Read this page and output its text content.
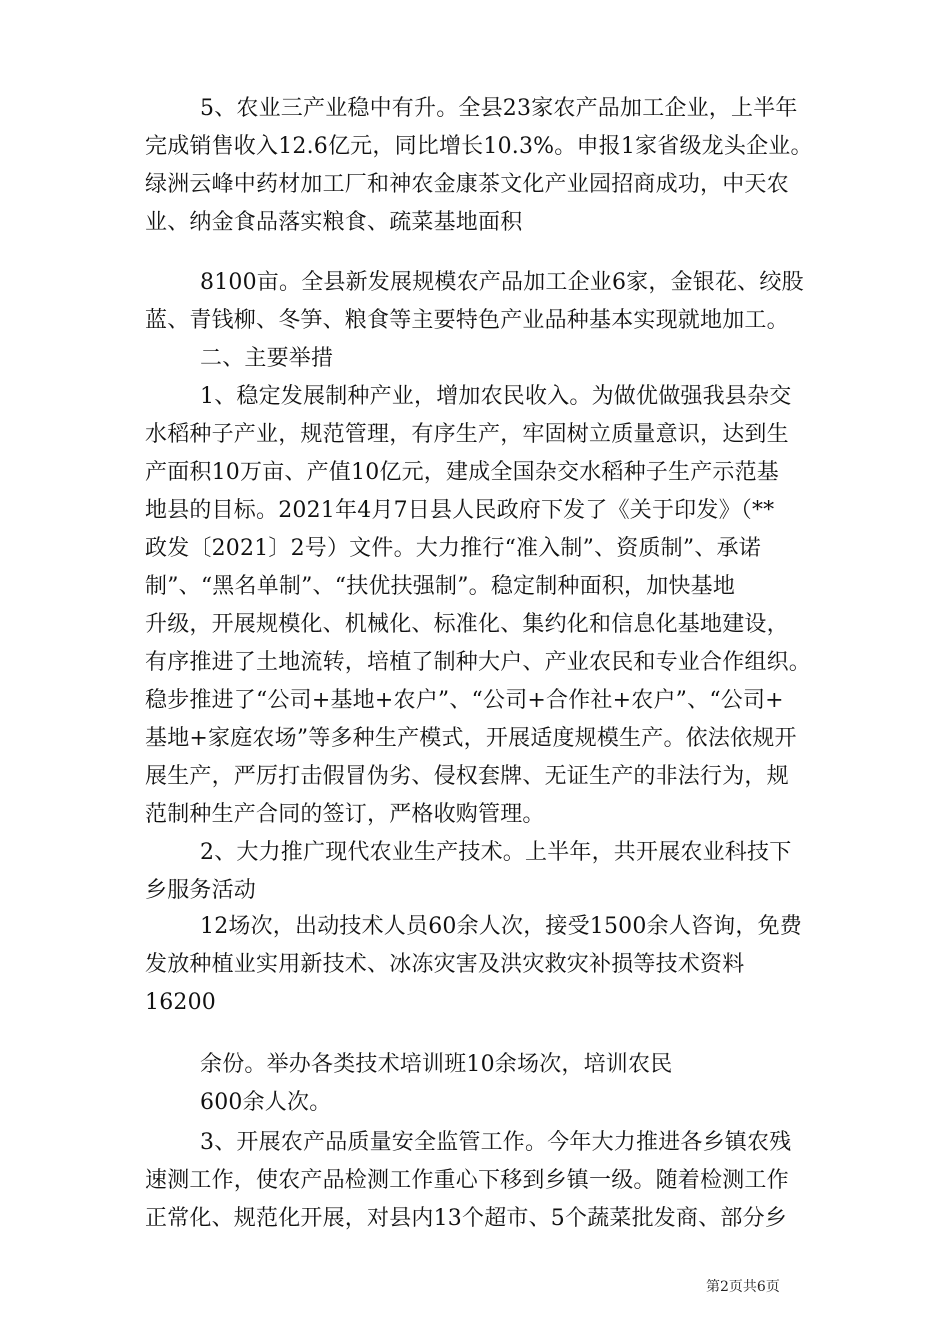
5、农业三产业稳中有升。全县23家农产品加工企业，上半年
完成销售收入12.6亿元，同比增长10.3%。申报1家省级龙头企业。
绿洲云峰中药材加工厂和神农金康茶文化产业园招商成功，中天农
业、纳金食品落实粮食、疏菜基地面积
8100亩。全县新发展规模农产品加工企业6家，金银花、绞股
蓝、青钱柳、冬笋、粮食等主要特色产业品种基本实现就地加工。
二、主要举措
1、稳定发展制种产业，增加农民收入。为做优做强我县杂交
水稻种子产业，规范管理，有序生产，牢固树立质量意识，达到生
产面积10万亩、产值10亿元，建成全国杂交水稻种子生产示范基
地县的目标。2021年4月7日县人民政府下发了《关于印发》（**
政发〔2021〕2号）文件。大力推行“准入制”、资质制”、承诺
制”、“黑名单制”、“扶优扶强制”。稳定制种面积，加快基地
升级，开展规模化、机械化、标准化、集约化和信息化基地建设，
有序推进了土地流转，培植了制种大户、产业农民和专业合作组织。
稳步推进了“公司+基地+农户”、“公司+合作社+农户”、“公司+
基地+家庭农场”等多种生产模式，开展适度规模生产。依法依规开
展生产，严厉打击假冒伪劣、侵权套牌、无证生产的非法行为，规
范制种生产合同的签订，严格收购管理。
2、大力推广现代农业生产技术。上半年，共开展农业科技下
乡服务活动
12场次，出动技术人员60余人次，接受1500余人咨询，免费
发放种植业实用新技术、冰冻灾害及洪灾救灾补损等技术资料
16200
余份。举办各类技术培训班10余场次，培训农民
600余人次。
3、开展农产品质量安全监管工作。今年大力推进各乡镇农残
速测工作，使农产品检测工作重心下移到乡镇一级。随着检测工作
正常化、规范化开展，对县内13个超市、5个蔬菜批发商、部分乡
第2页共6页
